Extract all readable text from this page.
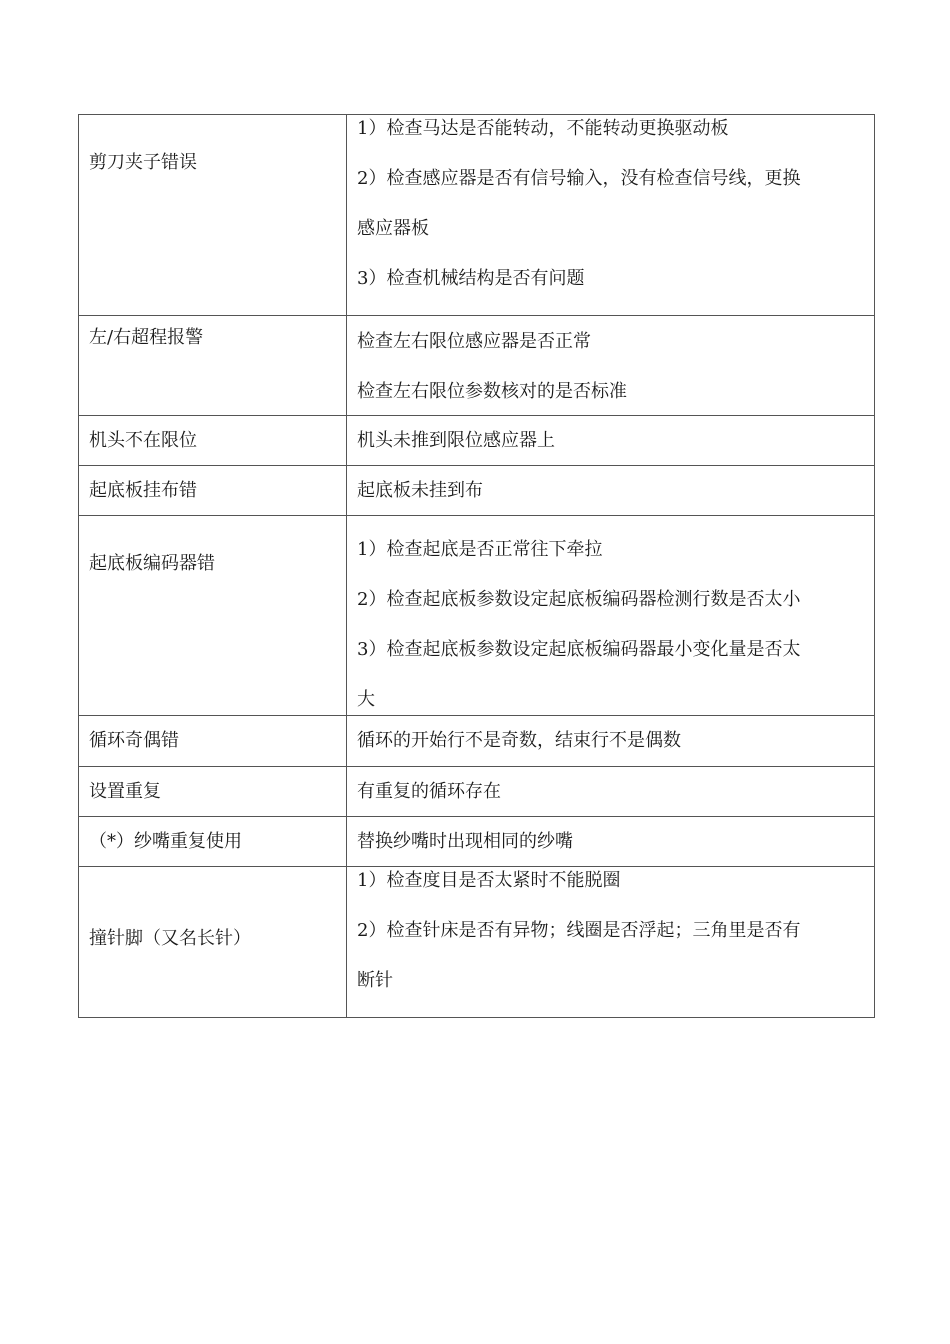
剪刀夹子错误	1）检查马达是否能转动，不能转动更换驱动板
2）检查感应器是否有信号输入，没有检查信号线，更换
感应器板
3）检查机械结构是否有问题

左/右超程报警	检查左右限位感应器是否正常
检查左右限位参数核对的是否标准

机头不在限位	机头未推到限位感应器上

起底板挂布错	起底板未挂到布

起底板编码器错	1）检查起底是否正常往下牵拉
2）检查起底板参数设定起底板编码器检测行数是否太小
3）检查起底板参数设定起底板编码器最小变化量是否太
大

循环奇偶错	循环的开始行不是奇数，结束行不是偶数

设置重复	有重复的循环存在

（*）纱嘴重复使用	替换纱嘴时出现相同的纱嘴

撞针脚（又名长针）	1）检查度目是否太紧时不能脱圈
2）检查针床是否有异物；线圈是否浮起；三角里是否有
断针
